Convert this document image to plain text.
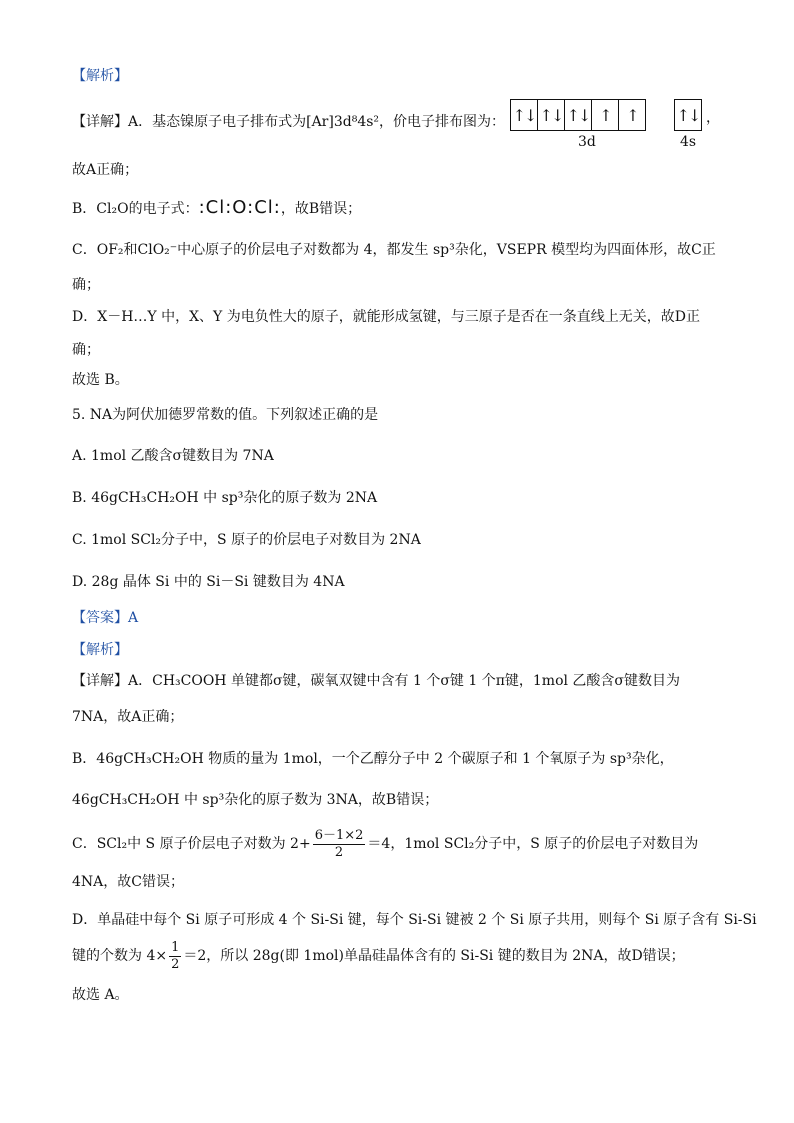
【解析】
【详解】A．基态镍原子电子排布式为[Ar]3d⁸4s²，价电子排布图为： ↑↓ ↑↓ ↑↓ ↑ ↑	↑↓ ，
3d	4s
故A正确；
B．Cl₂O的电子式：:Cl:O:Cl:，故B错误；
C．OF₂和ClO₂⁻中心原子的价层电子对数都为 4，都发生 sp³杂化，VSEPR 模型均为四面体形，故C正
确；
D．X－H…Y 中，X、Y 为电负性大的原子，就能形成氢键，与三原子是否在一条直线上无关，故D正
确；
故选 B。
5. NA为阿伏加德罗常数的值。下列叙述正确的是
A. 1mol 乙酸含σ键数目为 7NA
B. 46gCH₃CH₂OH 中 sp³杂化的原子数为 2NA
C. 1mol SCl₂分子中，S 原子的价层电子对数目为 2NA
D. 28g 晶体 Si 中的 Si－Si 键数目为 4NA
【答案】A
【解析】
【详解】A．CH₃COOH 单键都σ键，碳氧双键中含有 1 个σ键 1 个π键，1mol 乙酸含σ键数目为
7NA，故A正确；
B．46gCH₃CH₂OH 物质的量为 1mol，一个乙醇分子中 2 个碳原子和 1 个氧原子为 sp³杂化，
46gCH₃CH₂OH 中 sp³杂化的原子数为 3NA，故B错误；
C．SCl₂中 S 原子价层电子对数为 $2+ \frac{6-1\times 2}{2} =4$，1mol SCl₂分子中，S 原子的价层电子对数目为
4NA，故C错误；
D．单晶硅中每个 Si 原子可形成 4 个 Si-Si 键，每个 Si-Si 键被 2 个 Si 原子共用，则每个 Si 原子含有 Si-Si
键的个数为 $4\times \frac{1}{2} =2$，所以 28g(即 1mol)单晶硅晶体含有的 Si-Si 键的数目为 2NA，故D错误；
故选 A。
